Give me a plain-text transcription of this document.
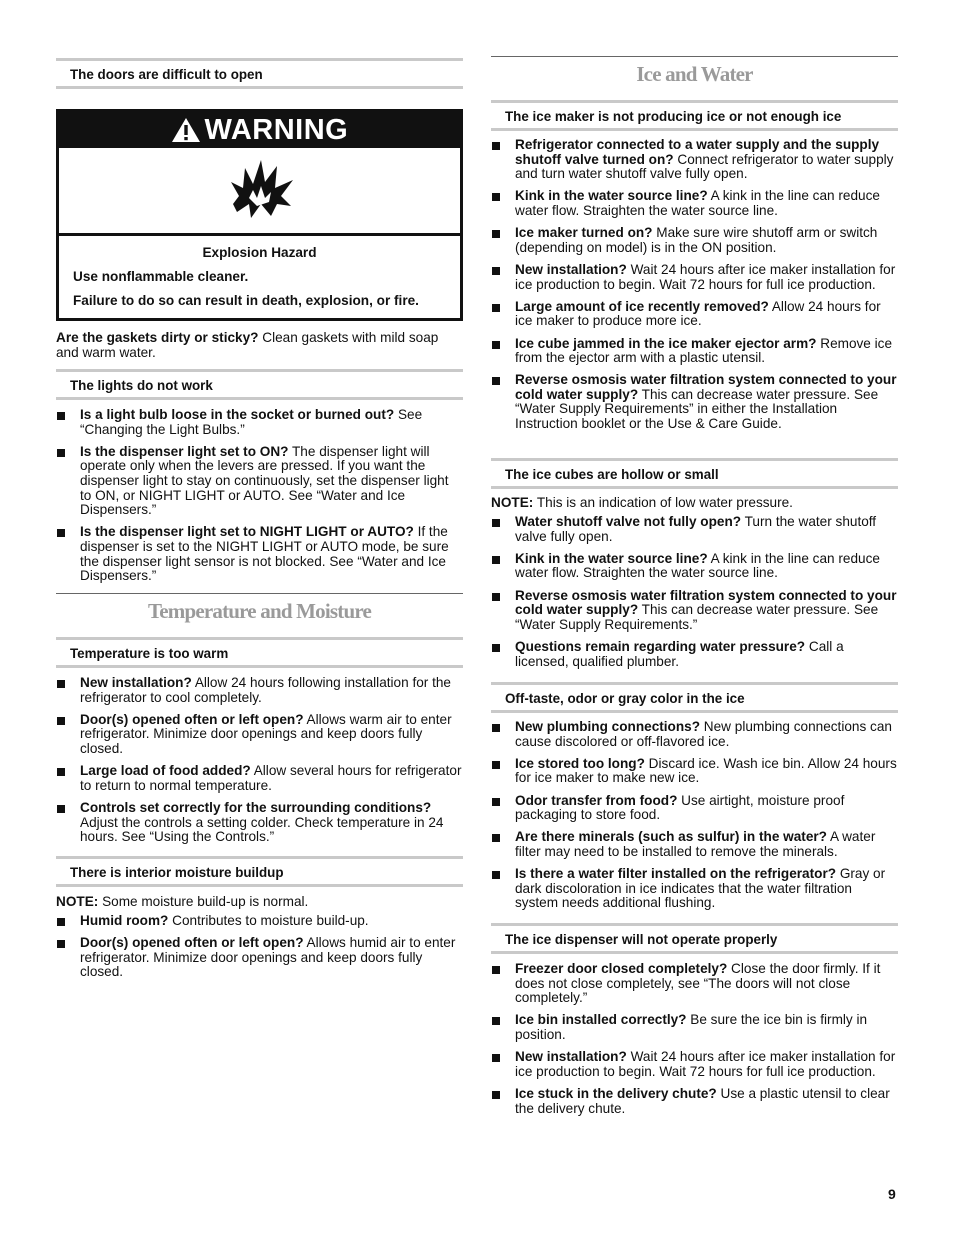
The doors are difficult to open
WARNING
Explosion Hazard
Use nonflammable cleaner.
Failure to do so can result in death, explosion, or fire.
Are the gaskets dirty or sticky? Clean gaskets with mild soap and warm water.
The lights do not work
Is a light bulb loose in the socket or burned out? See “Changing the Light Bulbs.”
Is the dispenser light set to ON? The dispenser light will operate only when the levers are pressed. If you want the dispenser light to stay on continuously, set the dispenser light to ON, or NIGHT LIGHT or AUTO. See “Water and Ice Dispensers.”
Is the dispenser light set to NIGHT LIGHT or AUTO? If the dispenser is set to the NIGHT LIGHT or AUTO mode, be sure the dispenser light sensor is not blocked. See “Water and Ice Dispensers.”
Temperature and Moisture
Temperature is too warm
New installation? Allow 24 hours following installation for the refrigerator to cool completely.
Door(s) opened often or left open? Allows warm air to enter refrigerator. Minimize door openings and keep doors fully closed.
Large load of food added? Allow several hours for refrigerator to return to normal temperature.
Controls set correctly for the surrounding conditions? Adjust the controls a setting colder. Check temperature in 24 hours. See “Using the Controls.”
There is interior moisture buildup
NOTE: Some moisture build-up is normal.
Humid room? Contributes to moisture build-up.
Door(s) opened often or left open? Allows humid air to enter refrigerator. Minimize door openings and keep doors fully closed.
Ice and Water
The ice maker is not producing ice or not enough ice
Refrigerator connected to a water supply and the supply shutoff valve turned on? Connect refrigerator to water supply and turn water shutoff valve fully open.
Kink in the water source line? A kink in the line can reduce water flow. Straighten the water source line.
Ice maker turned on? Make sure wire shutoff arm or switch (depending on model) is in the ON position.
New installation? Wait 24 hours after ice maker installation for ice production to begin. Wait 72 hours for full ice production.
Large amount of ice recently removed? Allow 24 hours for ice maker to produce more ice.
Ice cube jammed in the ice maker ejector arm? Remove ice from the ejector arm with a plastic utensil.
Reverse osmosis water filtration system connected to your cold water supply? This can decrease water pressure. See “Water Supply Requirements” in either the Installation Instruction booklet or the Use & Care Guide.
The ice cubes are hollow or small
NOTE: This is an indication of low water pressure.
Water shutoff valve not fully open? Turn the water shutoff valve fully open.
Kink in the water source line? A kink in the line can reduce water flow. Straighten the water source line.
Reverse osmosis water filtration system connected to your cold water supply? This can decrease water pressure. See “Water Supply Requirements.”
Questions remain regarding water pressure? Call a licensed, qualified plumber.
Off-taste, odor or gray color in the ice
New plumbing connections? New plumbing connections can cause discolored or off-flavored ice.
Ice stored too long? Discard ice. Wash ice bin. Allow 24 hours for ice maker to make new ice.
Odor transfer from food? Use airtight, moisture proof packaging to store food.
Are there minerals (such as sulfur) in the water? A water filter may need to be installed to remove the minerals.
Is there a water filter installed on the refrigerator? Gray or dark discoloration in ice indicates that the water filtration system needs additional flushing.
The ice dispenser will not operate properly
Freezer door closed completely? Close the door firmly. If it does not close completely, see “The doors will not close completely.”
Ice bin installed correctly? Be sure the ice bin is firmly in position.
New installation? Wait 24 hours after ice maker installation for ice production to begin. Wait 72 hours for full ice production.
Ice stuck in the delivery chute? Use a plastic utensil to clear the delivery chute.
9
